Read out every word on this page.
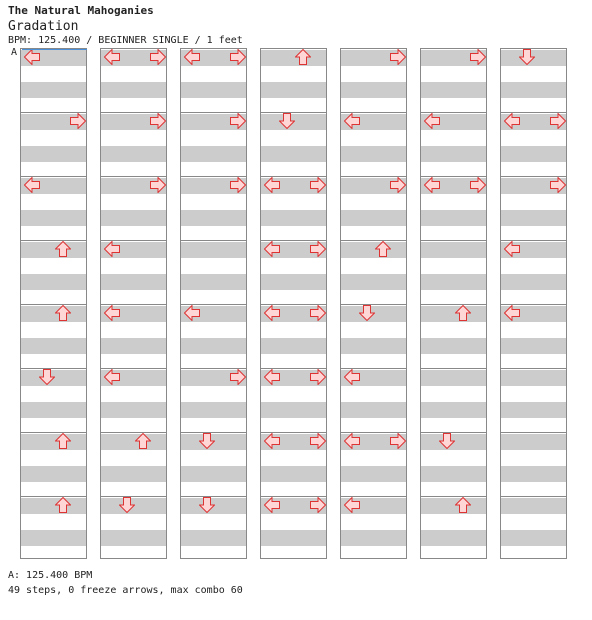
The Natural Mahoganies
Gradation
BPM: 125.400 / BEGINNER SINGLE / 1 feet
A
A: 125.400 BPM
49 steps, 0 freeze arrows, max combo 60
